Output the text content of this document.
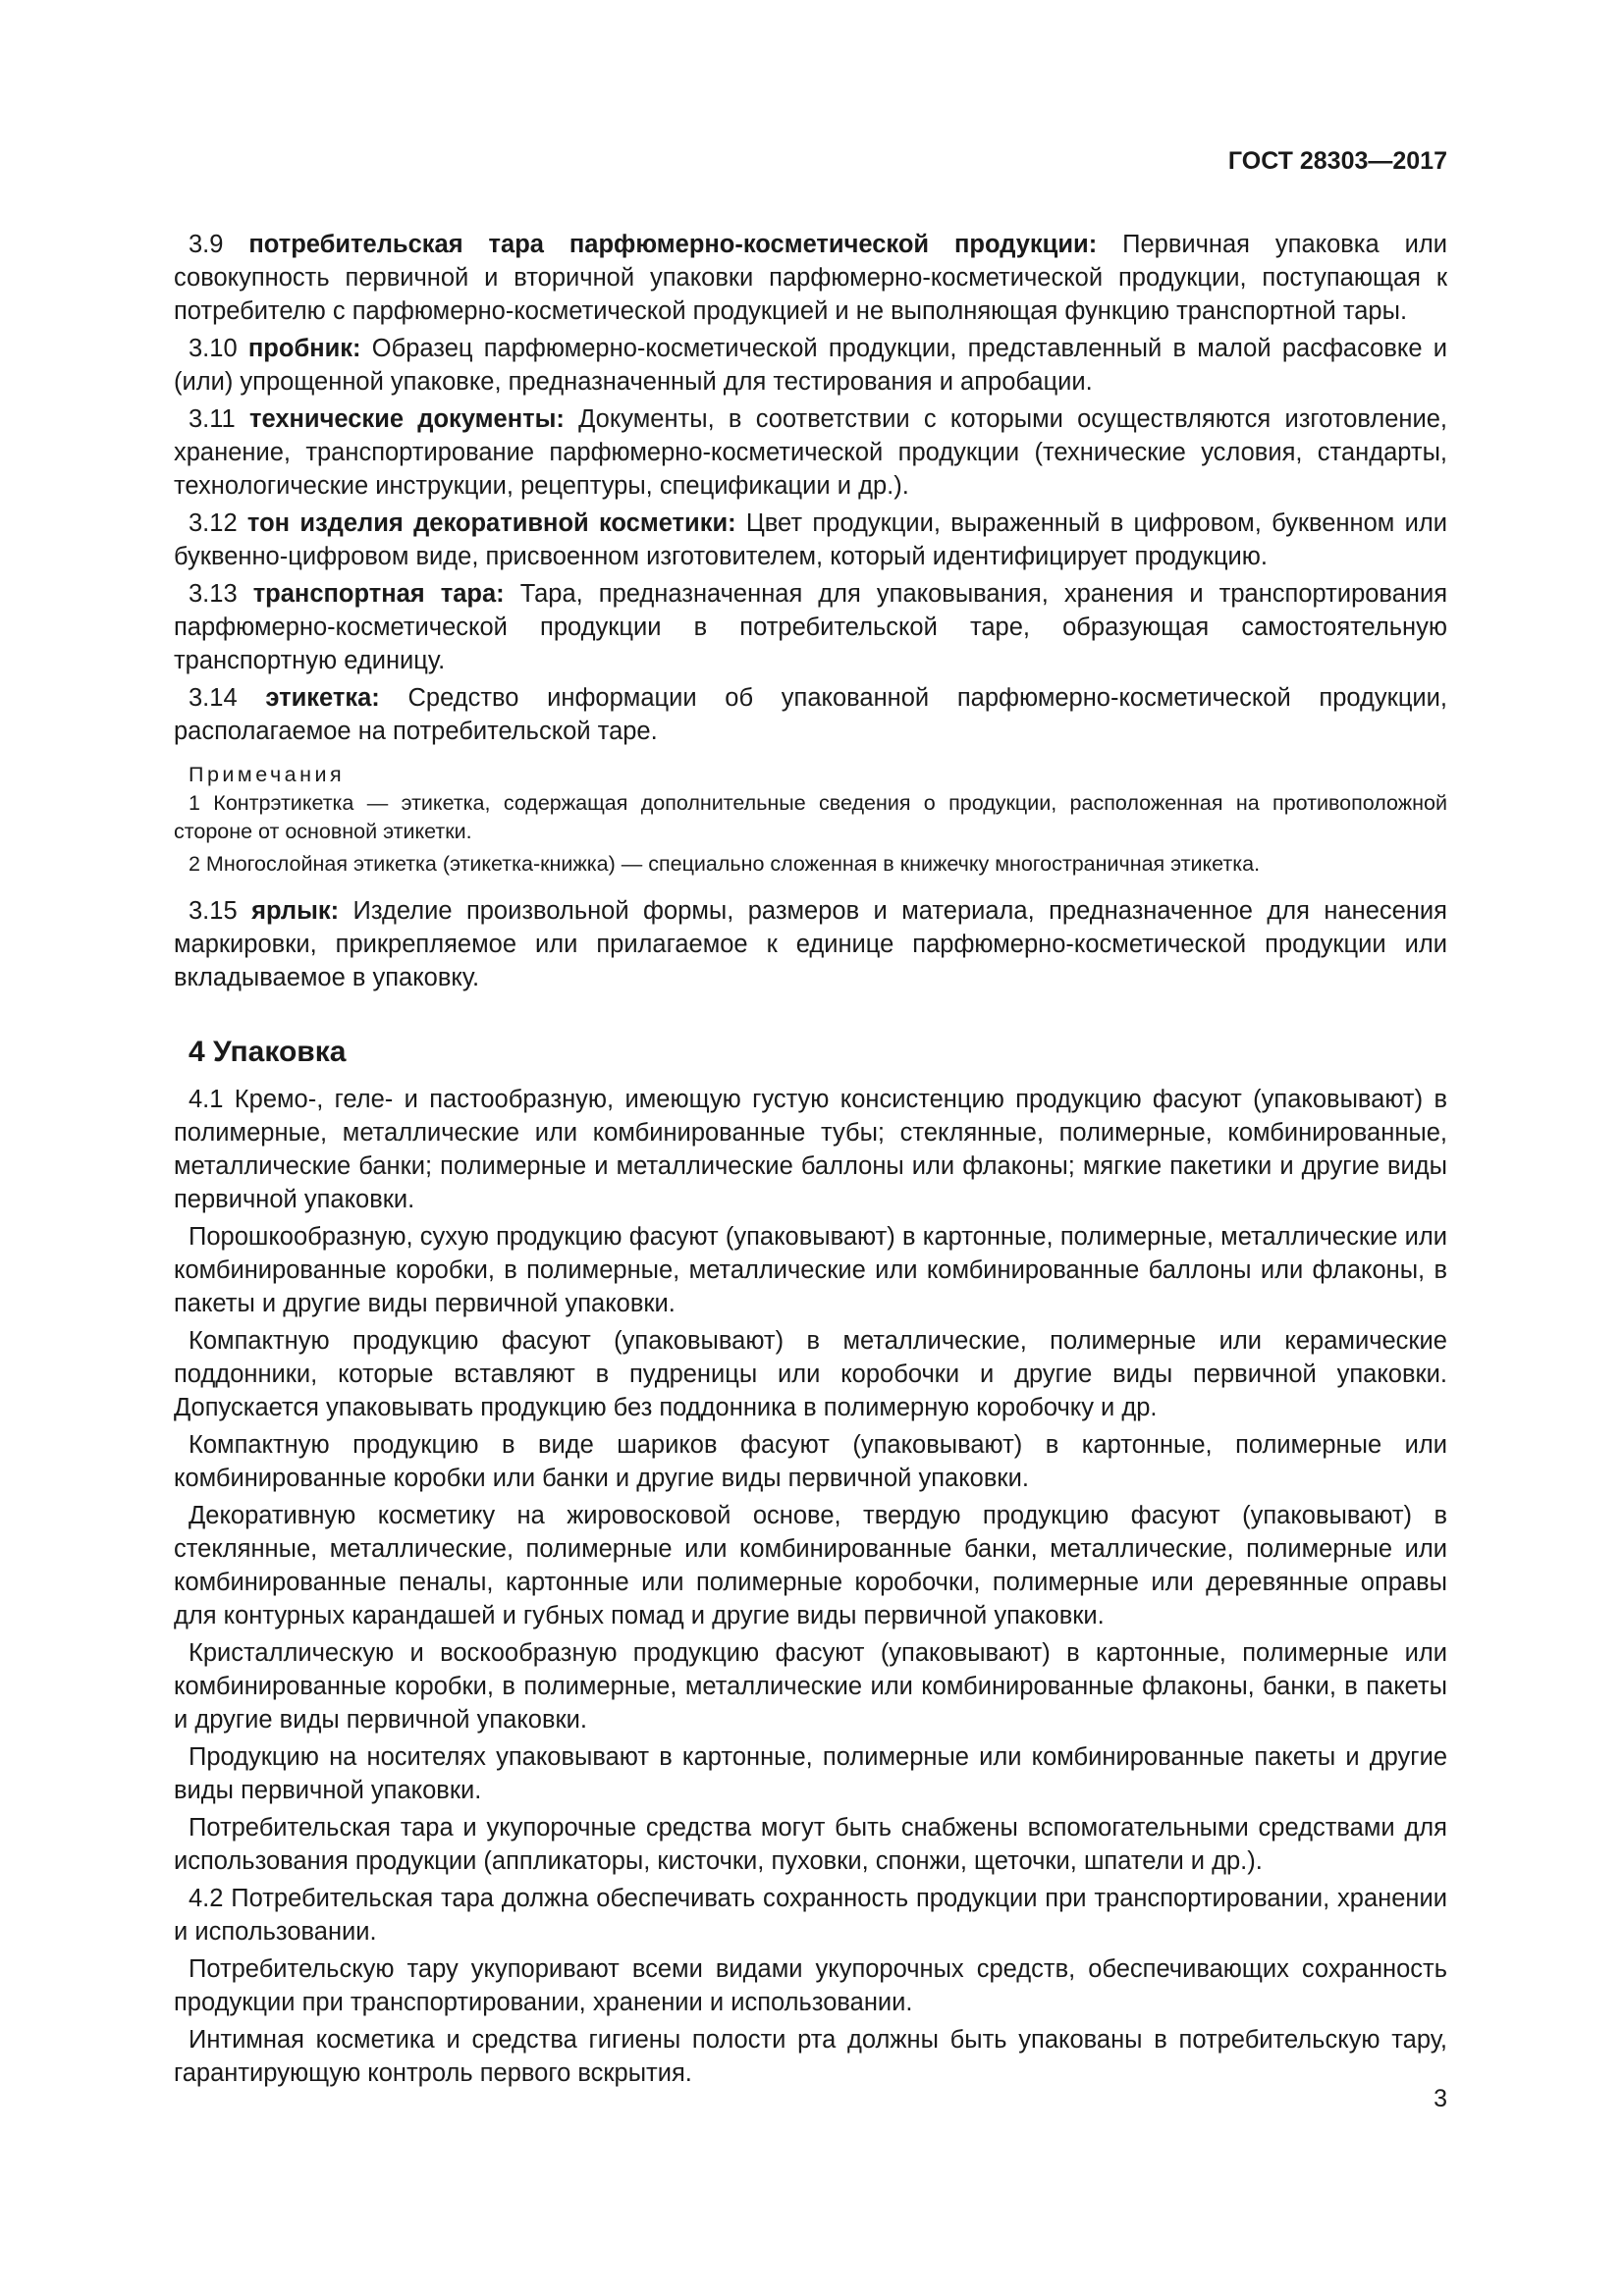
ГОСТ 28303—2017

3.9 потребительская тара парфюмерно-косметической продукции: Первичная упаковка или совокупность первичной и вторичной упаковки парфюмерно-косметической продукции, поступающая к потребителю с парфюмерно-косметической продукцией и не выполняющая функцию транспортной тары.

3.10 пробник: Образец парфюмерно-косметической продукции, представленный в малой расфасовке и (или) упрощенной упаковке, предназначенный для тестирования и апробации.

3.11 технические документы: Документы, в соответствии с которыми осуществляются изготовление, хранение, транспортирование парфюмерно-косметической продукции (технические условия, стандарты, технологические инструкции, рецептуры, спецификации и др.).

3.12 тон изделия декоративной косметики: Цвет продукции, выраженный в цифровом, буквенном или буквенно-цифровом виде, присвоенном изготовителем, который идентифицирует продукцию.

3.13 транспортная тара: Тара, предназначенная для упаковывания, хранения и транспортирования парфюмерно-косметической продукции в потребительской таре, образующая самостоятельную транспортную единицу.

3.14 этикетка: Средство информации об упакованной парфюмерно-косметической продукции, располагаемое на потребительской таре.

Примечания

1 Контрэтикетка — этикетка, содержащая дополнительные сведения о продукции, расположенная на противоположной стороне от основной этикетки.

2 Многослойная этикетка (этикетка-книжка) — специально сложенная в книжечку многостраничная этикетка.

3.15 ярлык: Изделие произвольной формы, размеров и материала, предназначенное для нанесения маркировки, прикрепляемое или прилагаемое к единице парфюмерно-косметической продукции или вкладываемое в упаковку.

4 Упаковка

4.1 Кремо-, геле- и пастообразную, имеющую густую консистенцию продукцию фасуют (упаковывают) в полимерные, металлические или комбинированные тубы; стеклянные, полимерные, комбинированные, металлические банки; полимерные и металлические баллоны или флаконы; мягкие пакетики и другие виды первичной упаковки.

Порошкообразную, сухую продукцию фасуют (упаковывают) в картонные, полимерные, металлические или комбинированные коробки, в полимерные, металлические или комбинированные баллоны или флаконы, в пакеты и другие виды первичной упаковки.

Компактную продукцию фасуют (упаковывают) в металлические, полимерные или керамические поддонники, которые вставляют в пудреницы или коробочки и другие виды первичной упаковки. Допускается упаковывать продукцию без поддонника в полимерную коробочку и др.

Компактную продукцию в виде шариков фасуют (упаковывают) в картонные, полимерные или комбинированные коробки или банки и другие виды первичной упаковки.

Декоративную косметику на жировосковой основе, твердую продукцию фасуют (упаковывают) в стеклянные, металлические, полимерные или комбинированные банки, металлические, полимерные или комбинированные пеналы, картонные или полимерные коробочки, полимерные или деревянные оправы для контурных карандашей и губных помад и другие виды первичной упаковки.

Кристаллическую и воскообразную продукцию фасуют (упаковывают) в картонные, полимерные или комбинированные коробки, в полимерные, металлические или комбинированные флаконы, банки, в пакеты и другие виды первичной упаковки.

Продукцию на носителях упаковывают в картонные, полимерные или комбинированные пакеты и другие виды первичной упаковки.

Потребительская тара и укупорочные средства могут быть снабжены вспомогательными средствами для использования продукции (аппликаторы, кисточки, пуховки, спонжи, щеточки, шпатели и др.).

4.2 Потребительская тара должна обеспечивать сохранность продукции при транспортировании, хранении и использовании.

Потребительскую тару укупоривают всеми видами укупорочных средств, обеспечивающих сохранность продукции при транспортировании, хранении и использовании.

Интимная косметика и средства гигиены полости рта должны быть упакованы в потребительскую тару, гарантирующую контроль первого вскрытия.

3
